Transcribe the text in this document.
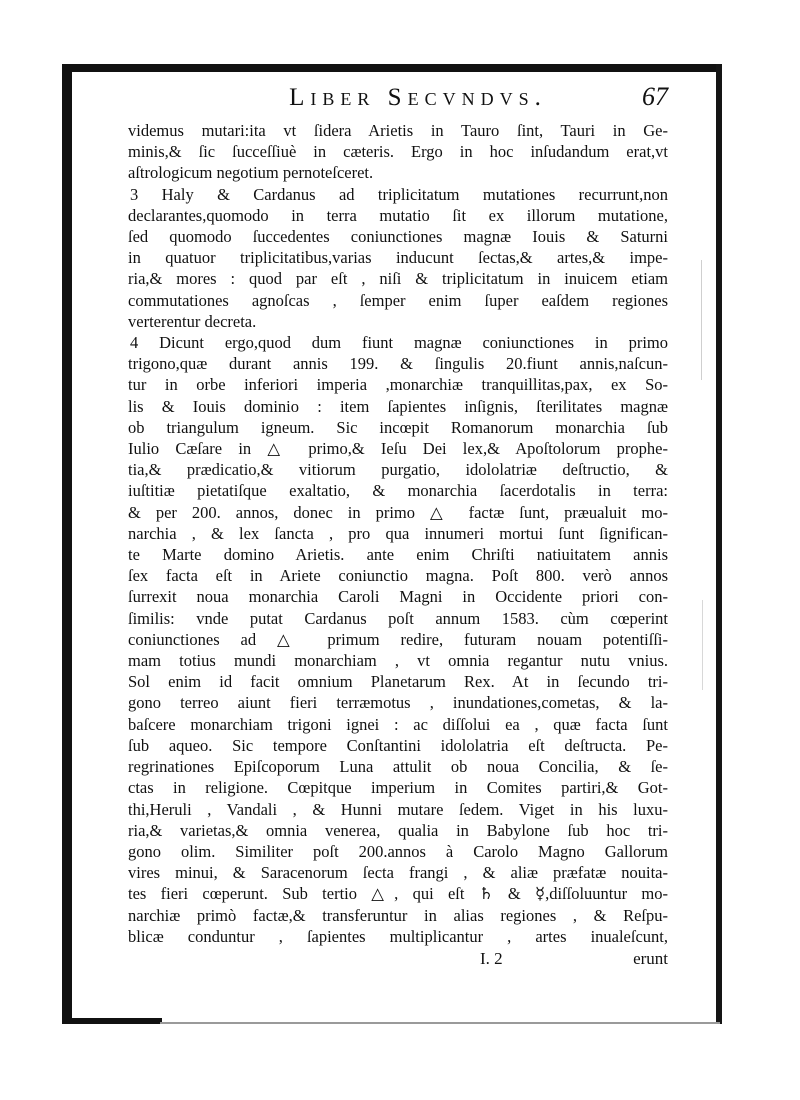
Liber Secvndvs.	67
videmus mutari:ita vt ſidera Arietis in Tauro ſint, Tauri in Ge-
minis,& ſic ſucceſſiuè in cæteris. Ergo in hoc inſudandum erat,vt
aſtrologicum negotium pernoteſceret.
3 Haly & Cardanus ad triplicitatum mutationes recurrunt,non
declarantes,quomodo in terra mutatio ſit ex illorum mutatione,
ſed quomodo ſuccedentes coniunctiones magnæ Iouis & Saturni
in quatuor triplicitatibus,varias inducunt ſectas,& artes,& impe-
ria,& mores : quod par eſt , niſi & triplicitatum in inuicem etiam
commutationes agnoſcas , ſemper enim ſuper eaſdem regiones
verterentur decreta.
4 Dicunt ergo,quod dum fiunt magnæ coniunctiones in primo
trigono,quæ durant annis 199. & ſingulis 20.fiunt annis,naſcun-
tur in orbe inferiori imperia ,monarchiæ tranquillitas,pax, ex So-
lis & Iouis dominio : item ſapientes inſignis, ſterilitates magnæ
ob triangulum igneum. Sic incœpit Romanorum monarchia ſub
Iulio Cæſare in △ primo,& Ieſu Dei lex,& Apoſtolorum prophe-
tia,& prædicatio,& vitiorum purgatio, idololatriæ deſtructio, &
iuſtitiæ pietatiſque exaltatio, & monarchia ſacerdotalis in terra:
& per 200. annos, donec in primo △ factæ ſunt, præualuit mo-
narchia , & lex ſancta , pro qua innumeri mortui ſunt ſignifican-
te Marte domino Arietis. ante enim Chriſti natiuitatem annis
ſex facta eſt in Ariete coniunctio magna. Poſt 800. verò annos
ſurrexit noua monarchia Caroli Magni in Occidente priori con-
ſimilis: vnde putat Cardanus poſt annum 1583. cùm cœperint
coniunctiones ad △ primum redire, futuram nouam potentiſſi-
mam totius mundi monarchiam , vt omnia regantur nutu vnius.
Sol enim id facit omnium Planetarum Rex. At in ſecundo tri-
gono terreo aiunt fieri terræmotus , inundationes,cometas, & la-
baſcere monarchiam trigoni ignei : ac diſſolui ea , quæ facta ſunt
ſub aqueo. Sic tempore Conſtantini idololatria eſt deſtructa. Pe-
regrinationes Epiſcoporum Luna attulit ob noua Concilia, & ſe-
ctas in religione. Cœpitque imperium in Comites partiri,& Got-
thi,Heruli , Vandali , & Hunni mutare ſedem. Viget in his luxu-
ria,& varietas,& omnia venerea, qualia in Babylone ſub hoc tri-
gono olim. Similiter poſt 200.annos à Carolo Magno Gallorum
vires minui, & Saracenorum ſecta frangi , & aliæ præfatæ nouita-
tes fieri cœperunt. Sub tertio △, qui eſt ♄ & ☿,diſſoluuntur mo-
narchiæ primò factæ,& transferuntur in alias regiones , & Reſpu-
blicæ conduntur , ſapientes multiplicantur , artes inualeſcunt,
I. 2	erunt
